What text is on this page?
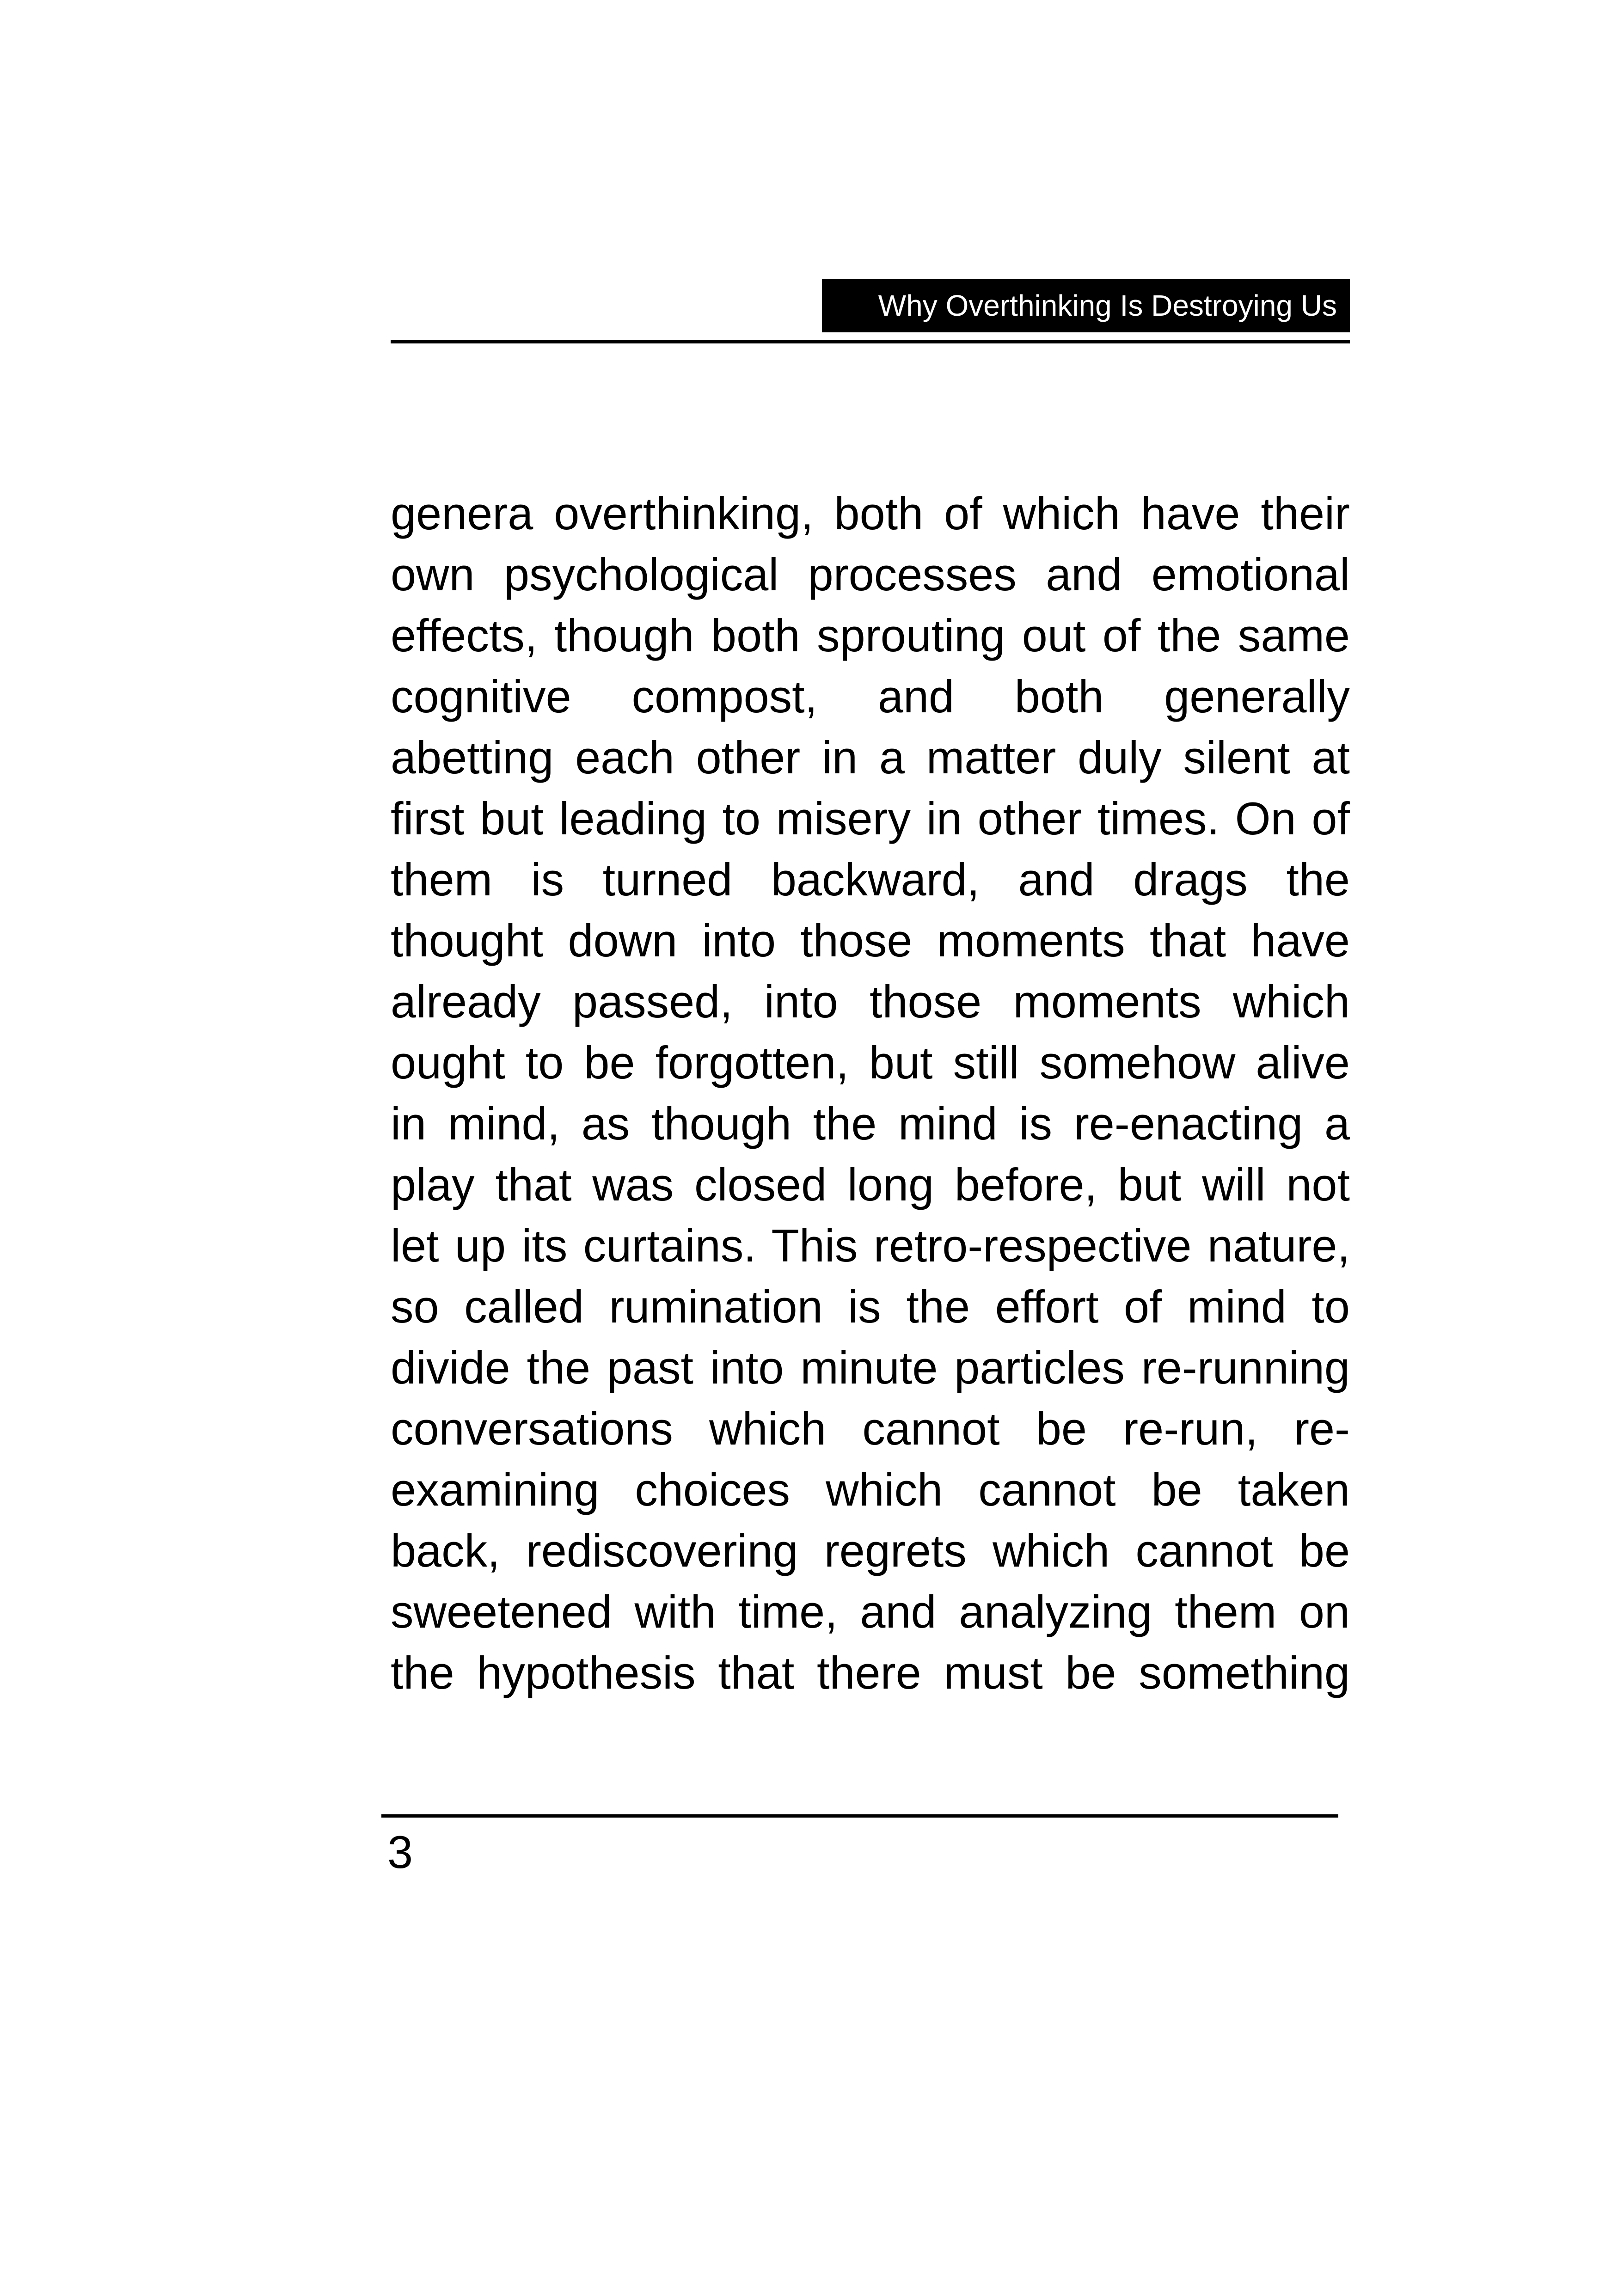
Why Overthinking Is Destroying Us
genera overthinking, both of which have their
own psychological processes and emotional
effects, though both sprouting out of the same
cognitive compost, and both generally
abetting each other in a matter duly silent at
first but leading to misery in other times. On of
them is turned backward, and drags the
thought down into those moments that have
already passed, into those moments which
ought to be forgotten, but still somehow alive
in mind, as though the mind is re-enacting a
play that was closed long before, but will not
let up its curtains. This retro-respective nature,
so called rumination is the effort of mind to
divide the past into minute particles re-running
conversations which cannot be re-run, re-
examining choices which cannot be taken
back, rediscovering regrets which cannot be
sweetened with time, and analyzing them on
the hypothesis that there must be something
3
